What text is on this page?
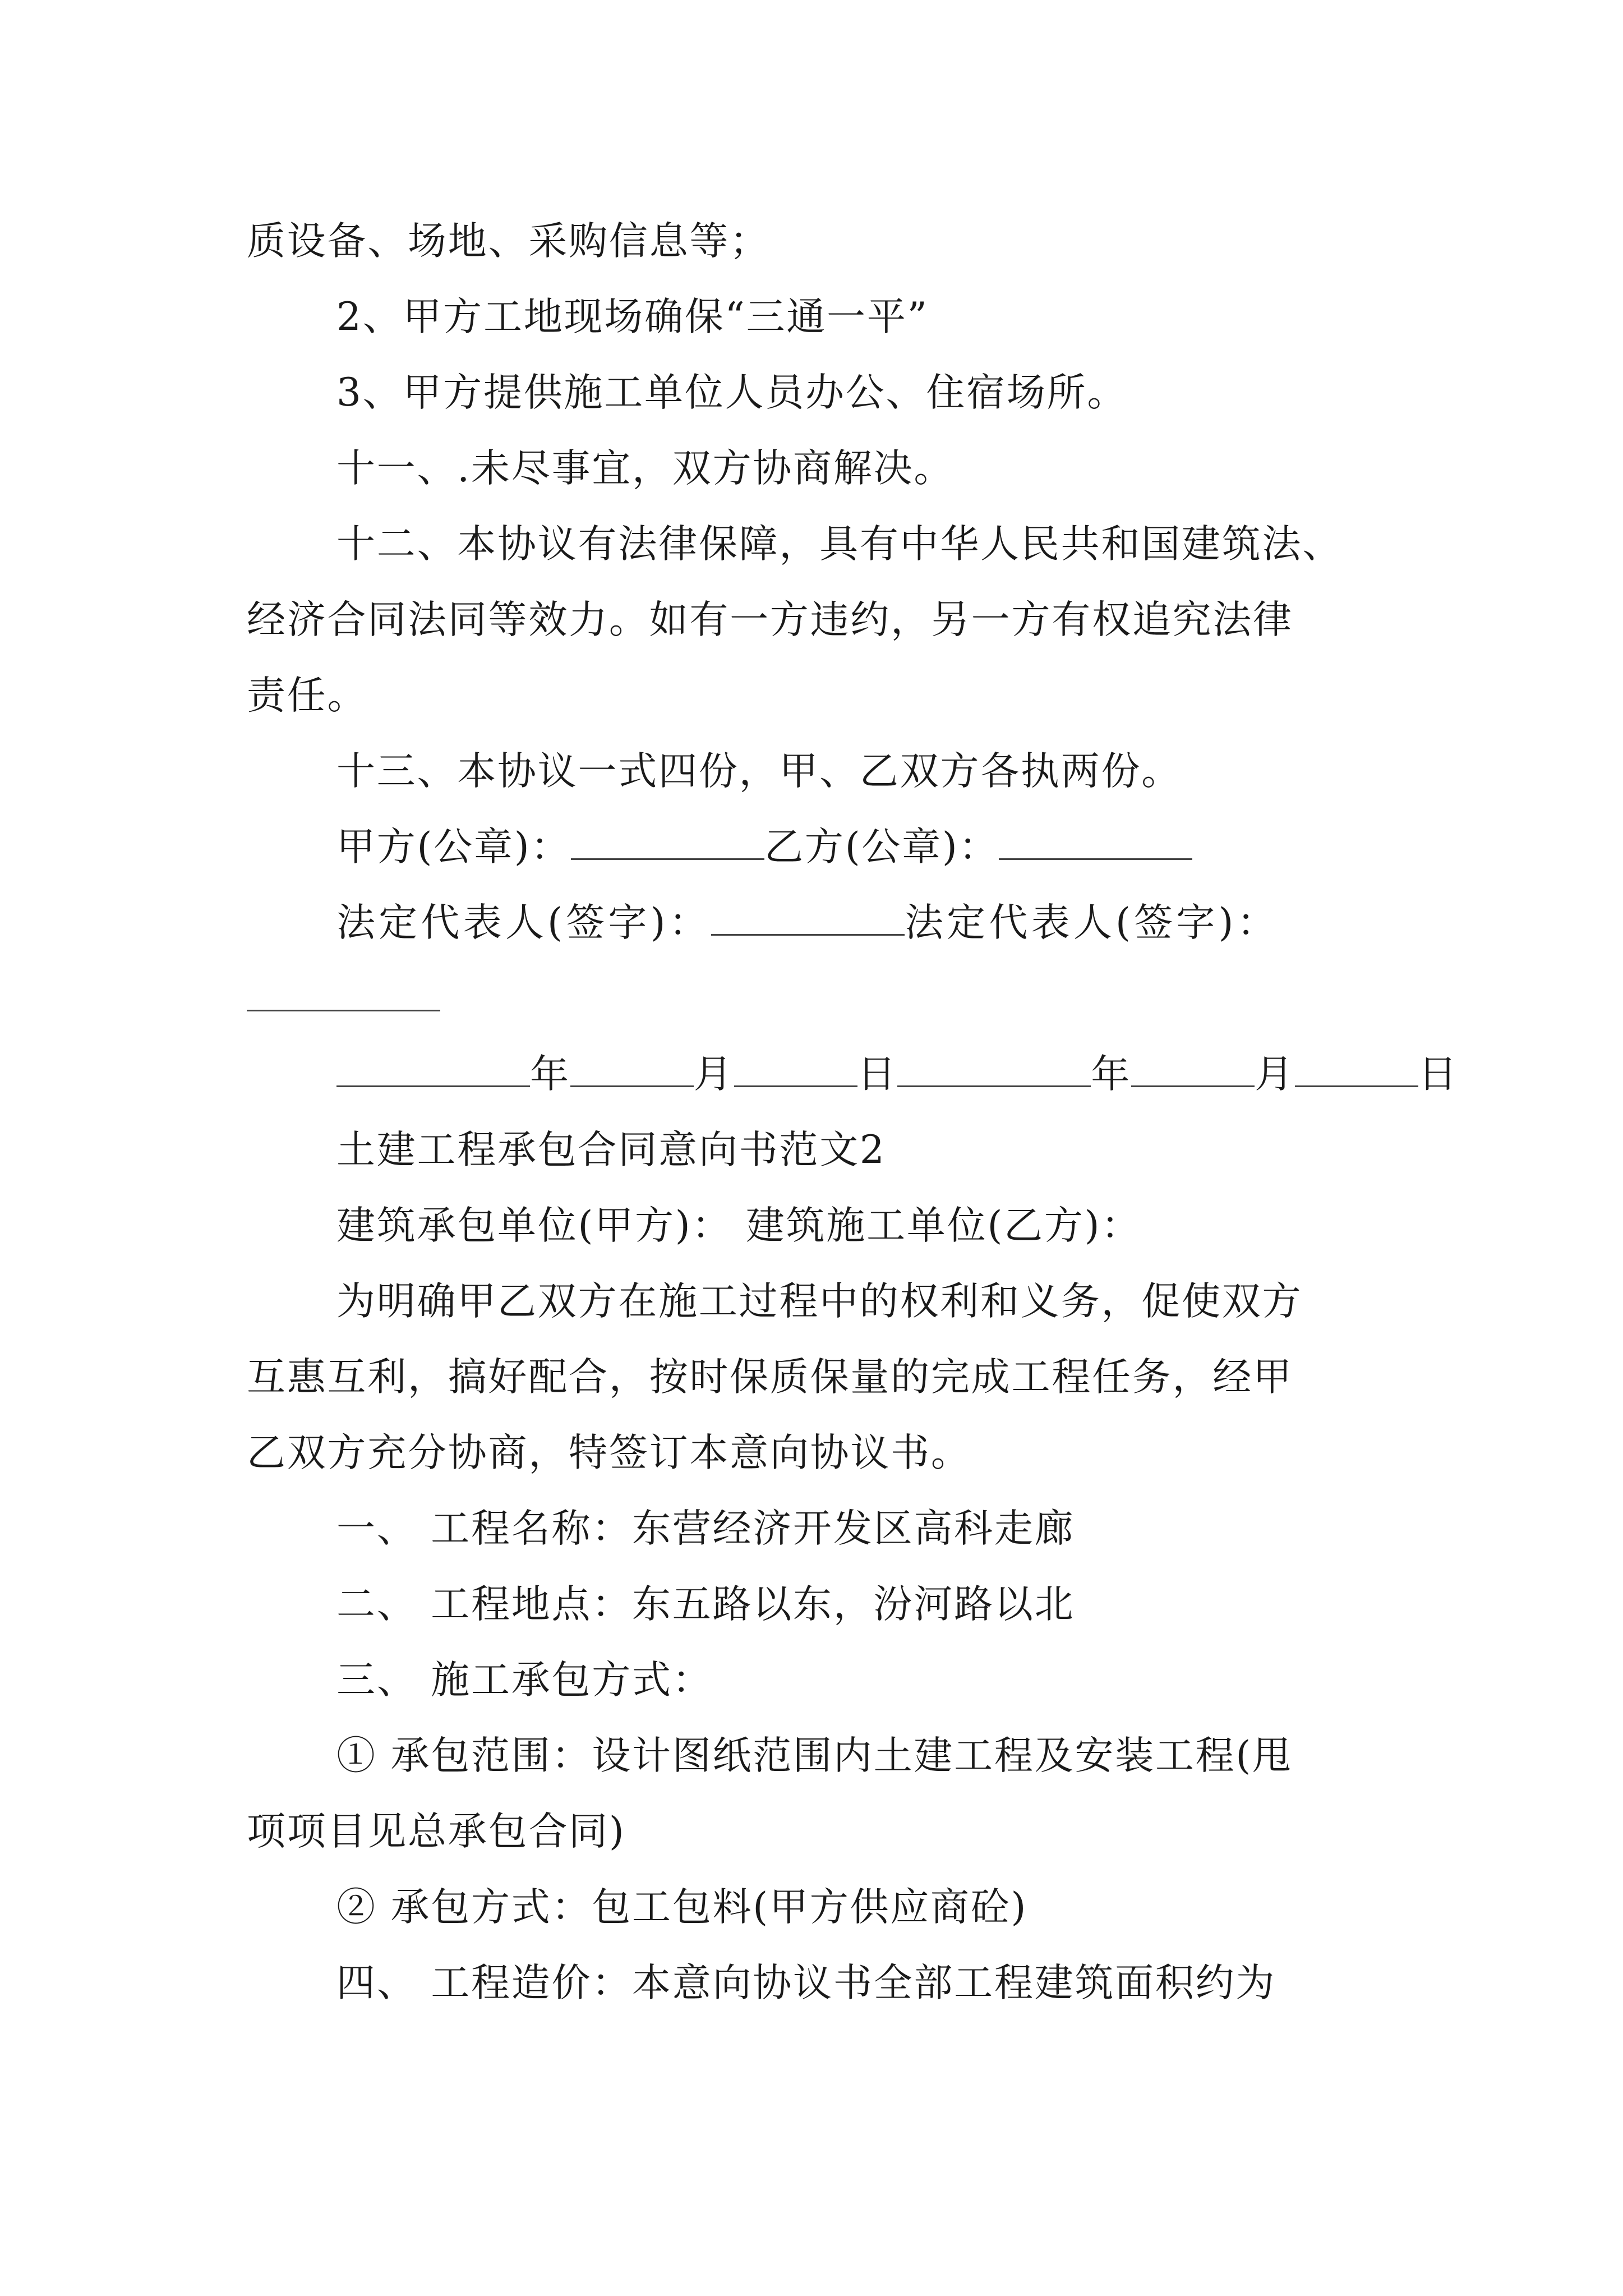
质设备、场地、采购信息等；
2、甲方工地现场确保“三通一平”
3、甲方提供施工单位人员办公、住宿场所。
十一、.未尽事宜，双方协商解决。
十二、本协议有法律保障，具有中华人民共和国建筑法、
经济合同法同等效力。如有一方违约，另一方有权追究法律
责任。
十三、本协议一式四份，甲、乙双方各执两份。
甲方(公章)：	乙方(公章)：
法定代表人(签字)：	法定代表人(签字)：
年	月	日	年	月	日
土建工程承包合同意向书范文2
建筑承包单位(甲方)： 建筑施工单位(乙方)：
为明确甲乙双方在施工过程中的权利和义务，促使双方
互惠互利，搞好配合，按时保质保量的完成工程任务，经甲
乙双方充分协商，特签订本意向协议书。
一、 工程名称：东营经济开发区高科走廊
二、 工程地点：东五路以东，汾河路以北
三、 施工承包方式：
① 承包范围：设计图纸范围内土建工程及安装工程(甩
项项目见总承包合同)
② 承包方式：包工包料(甲方供应商砼)
四、 工程造价：本意向协议书全部工程建筑面积约为
